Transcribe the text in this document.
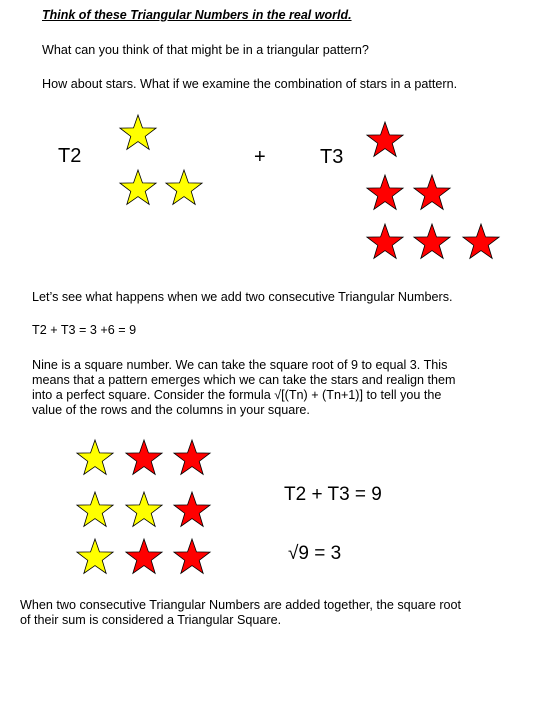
Think of these Triangular Numbers in the real world.
What can you think of that might be in a triangular pattern?
How about stars. What if we examine the combination of stars in a pattern.
T2	+	T3
Let’s see what happens when we add two consecutive Triangular Numbers.
T2 + T3 = 3 +6 = 9
Nine is a square number. We can take the square root of 9 to equal 3. This
means that a pattern emerges which we can take the stars and realign them
into a perfect square. Consider the formula √[(Tn) + (Tn+1)] to tell you the
value of the rows and the columns in your square.
T2 + T3 = 9
√9 = 3
When two consecutive Triangular Numbers are added together, the square root
of their sum is considered a Triangular Square.
